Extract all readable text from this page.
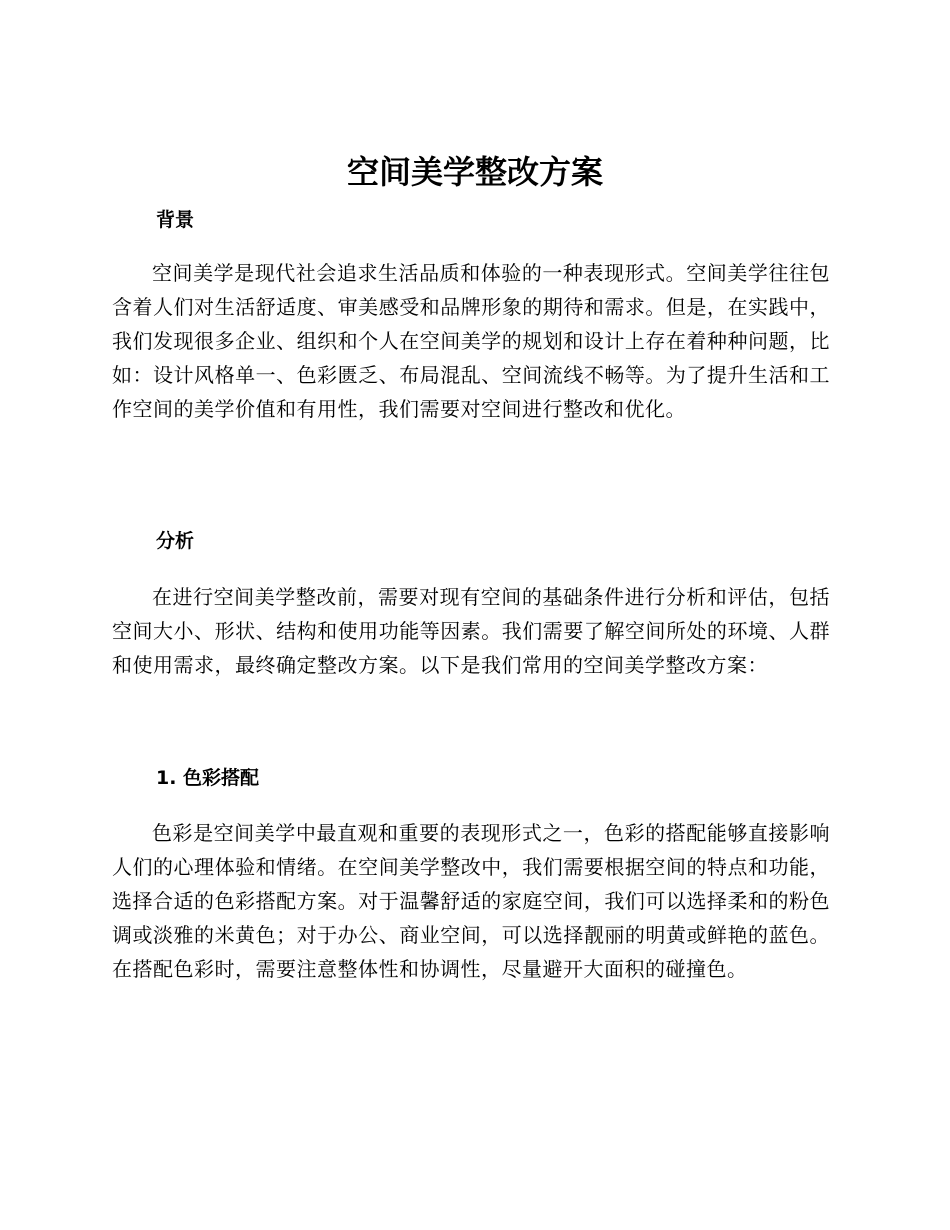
空间美学整改方案
背景

空间美学是现代社会追求生活品质和体验的一种表现形式。空间美学往往包含着人们对生活舒适度、审美感受和品牌形象的期待和需求。但是，在实践中，我们发现很多企业、组织和个人在空间美学的规划和设计上存在着种种问题，比如：设计风格单一、色彩匮乏、布局混乱、空间流线不畅等。为了提升生活和工作空间的美学价值和有用性，我们需要对空间进行整改和优化。

分析

在进行空间美学整改前，需要对现有空间的基础条件进行分析和评估，包括空间大小、形状、结构和使用功能等因素。我们需要了解空间所处的环境、人群和使用需求，最终确定整改方案。以下是我们常用的空间美学整改方案：

1. 色彩搭配

色彩是空间美学中最直观和重要的表现形式之一，色彩的搭配能够直接影响人们的心理体验和情绪。在空间美学整改中，我们需要根据空间的特点和功能，选择合适的色彩搭配方案。对于温馨舒适的家庭空间，我们可以选择柔和的粉色调或淡雅的米黄色；对于办公、商业空间，可以选择靓丽的明黄或鲜艳的蓝色。在搭配色彩时，需要注意整体性和协调性，尽量避开大面积的碰撞色。
